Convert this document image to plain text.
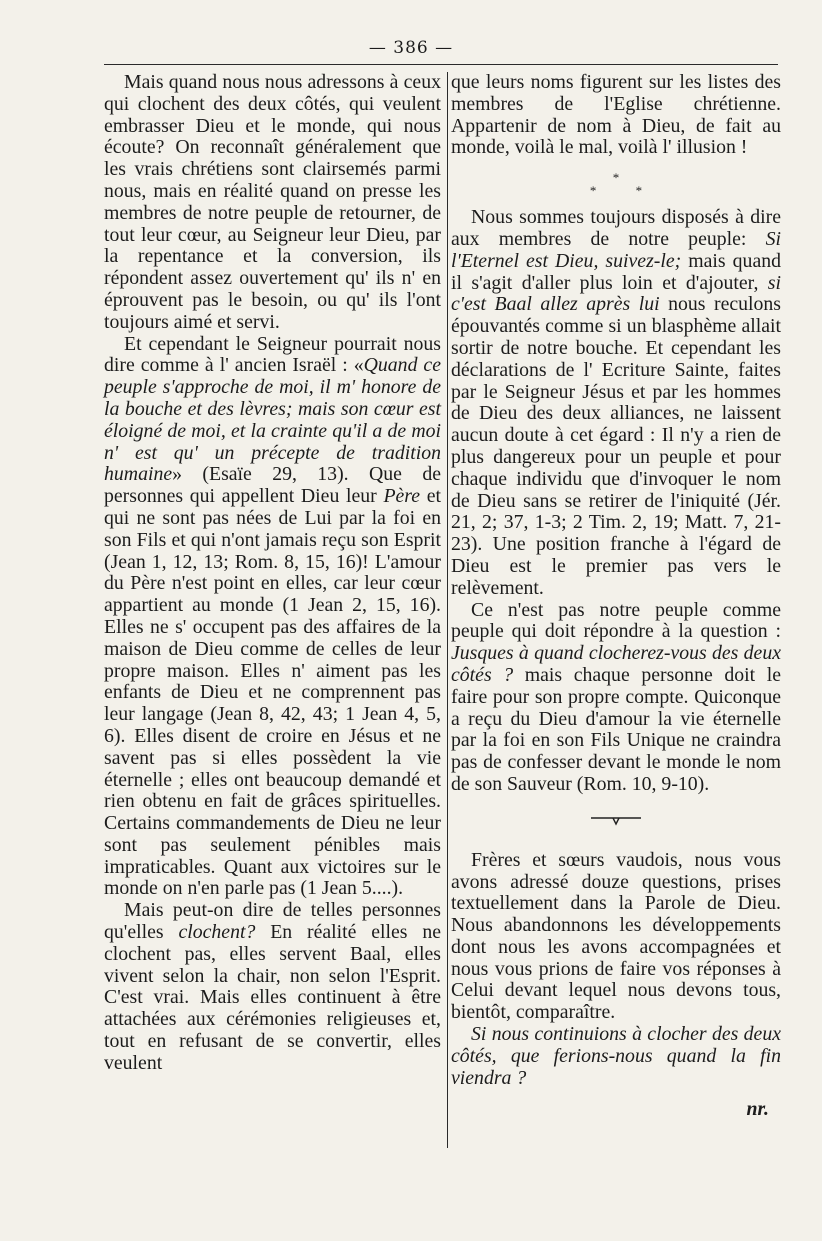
— 386 —

Mais quand nous nous adressons à ceux qui clochent des deux côtés, qui veulent embrasser Dieu et le monde, qui nous écoute? On reconnaît généralement que les vrais chrétiens sont clairsemés parmi nous, mais en réalité quand on presse les membres de notre peuple de retourner, de tout leur cœur, au Seigneur leur Dieu, par la repentance et la conversion, ils répondent assez ouvertement qu' ils n' en éprouvent pas le besoin, ou qu' ils l'ont toujours aimé et servi.

Et cependant le Seigneur pourrait nous dire comme à l' ancien Israël : «Quand ce peuple s'approche de moi, il m' honore de la bouche et des lèvres; mais son cœur est éloigné de moi, et la crainte qu'il a de moi n' est qu' un précepte de tradition humaine» (Esaïe 29, 13). Que de personnes qui appellent Dieu leur Père et qui ne sont pas nées de Lui par la foi en son Fils et qui n'ont jamais reçu son Esprit (Jean 1, 12, 13; Rom. 8, 15, 16)! L'amour du Père n'est point en elles, car leur cœur appartient au monde (1 Jean 2, 15, 16). Elles ne s' occupent pas des affaires de la maison de Dieu comme de celles de leur propre maison. Elles n' aiment pas les enfants de Dieu et ne comprennent pas leur langage (Jean 8, 42, 43; 1 Jean 4, 5, 6). Elles disent de croire en Jésus et ne savent pas si elles possèdent la vie éternelle ; elles ont beaucoup demandé et rien obtenu en fait de grâces spirituelles. Certains commandements de Dieu ne leur sont pas seulement pénibles mais impraticables. Quant aux victoires sur le monde on n'en parle pas (1 Jean 5....).

Mais peut-on dire de telles personnes qu'elles clochent? En réalité elles ne clochent pas, elles servent Baal, elles vivent selon la chair, non selon l'Esprit. C'est vrai. Mais elles continuent à être attachées aux cérémonies religieuses et, tout en refusant de se convertir, elles veulent

que leurs noms figurent sur les listes des membres de l'Eglise chrétienne. Appartenir de nom à Dieu, de fait au monde, voilà le mal, voilà l' illusion !

*
* *

Nous sommes toujours disposés à dire aux membres de notre peuple: Si l'Eternel est Dieu, suivez-le; mais quand il s'agit d'aller plus loin et d'ajouter, si c'est Baal allez après lui nous reculons épouvantés comme si un blasphème allait sortir de notre bouche. Et cependant les déclarations de l' Ecriture Sainte, faites par le Seigneur Jésus et par les hommes de Dieu des deux alliances, ne laissent aucun doute à cet égard : Il n'y a rien de plus dangereux pour un peuple et pour chaque individu que d'invoquer le nom de Dieu sans se retirer de l'iniquité (Jér. 21, 2; 37, 1-3; 2 Tim. 2, 19; Matt. 7, 21-23). Une position franche à l'égard de Dieu est le premier pas vers le relèvement.

Ce n'est pas notre peuple comme peuple qui doit répondre à la question : Jusques à quand clocherez-vous des deux côtés ? mais chaque personne doit le faire pour son propre compte. Quiconque a reçu du Dieu d'amour la vie éternelle par la foi en son Fils Unique ne craindra pas de confesser devant le monde le nom de son Sauveur (Rom. 10, 9-10).

Frères et sœurs vaudois, nous vous avons adressé douze questions, prises textuellement dans la Parole de Dieu. Nous abandonnons les développements dont nous les avons accompagnées et nous vous prions de faire vos réponses à Celui devant lequel nous devons tous, bientôt, comparaître.

Si nous continuions à clocher des deux côtés, que ferions-nous quand la fin viendra ?

nr.
